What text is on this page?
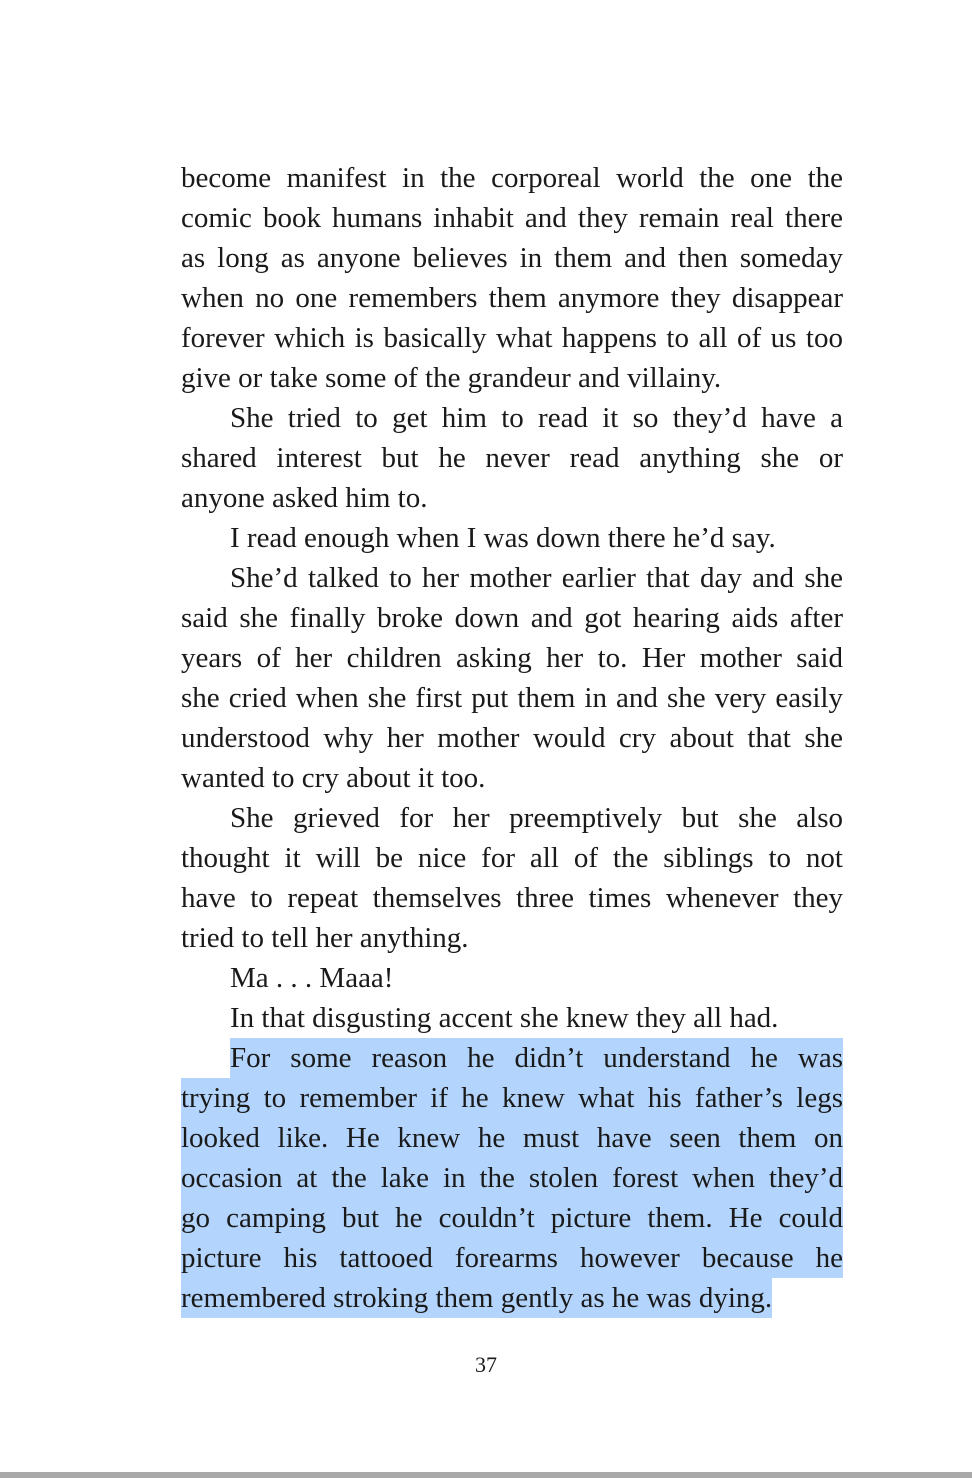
become manifest in the corporeal world the one the
comic book humans inhabit and they remain real there
as long as anyone believes in them and then someday
when no one remembers them anymore they disappear
forever which is basically what happens to all of us too
give or take some of the grandeur and villainy.
She tried to get him to read it so they’d have a
shared interest but he never read anything she or
anyone asked him to.
I read enough when I was down there he’d say.
She’d talked to her mother earlier that day and she
said she finally broke down and got hearing aids after
years of her children asking her to. Her mother said
she cried when she first put them in and she very easily
understood why her mother would cry about that she
wanted to cry about it too.
She grieved for her preemptively but she also
thought it will be nice for all of the siblings to not
have to repeat themselves three times whenever they
tried to tell her anything.
Ma . . . Maaa!
In that disgusting accent she knew they all had.
For some reason he didn’t understand he was
trying to remember if he knew what his father’s legs
looked like. He knew he must have seen them on
occasion at the lake in the stolen forest when they’d
go camping but he couldn’t picture them. He could
picture his tattooed forearms however because he
remembered stroking them gently as he was dying.
37
